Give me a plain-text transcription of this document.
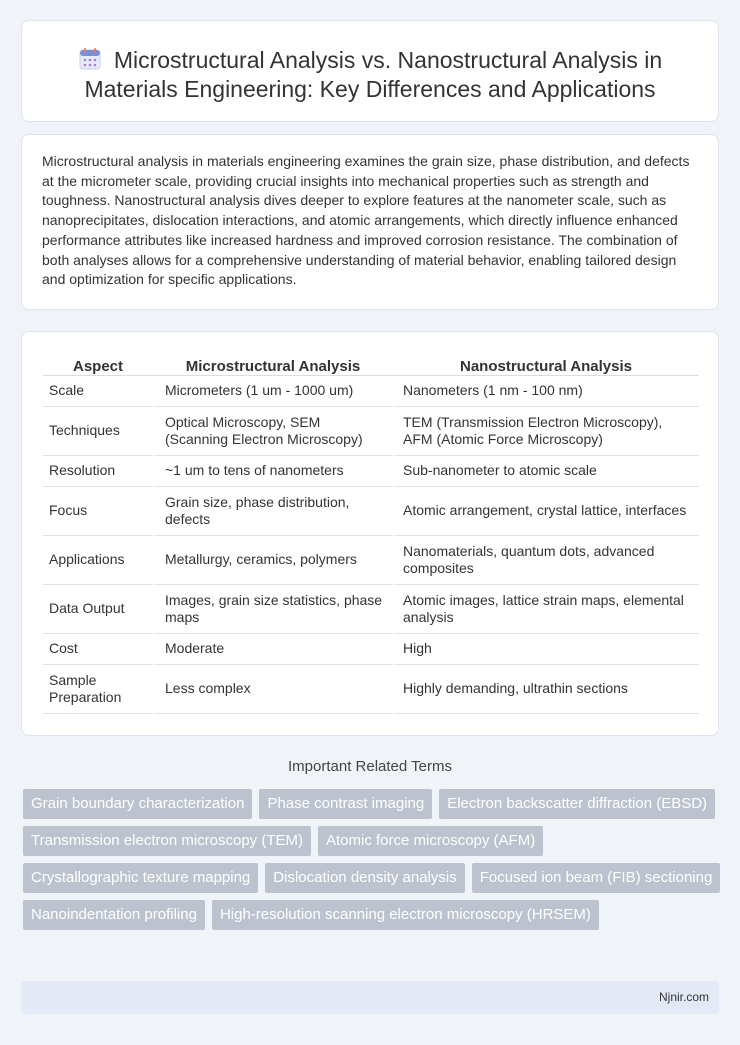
Microstructural Analysis vs. Nanostructural Analysis in Materials Engineering: Key Differences and Applications

Microstructural analysis in materials engineering examines the grain size, phase distribution, and defects at the micrometer scale, providing crucial insights into mechanical properties such as strength and toughness. Nanostructural analysis dives deeper to explore features at the nanometer scale, such as nanoprecipitates, dislocation interactions, and atomic arrangements, which directly influence enhanced performance attributes like increased hardness and improved corrosion resistance. The combination of both analyses allows for a comprehensive understanding of material behavior, enabling tailored design and optimization for specific applications.

Aspect	Microstructural Analysis	Nanostructural Analysis
Scale	Micrometers (1 um - 1000 um)	Nanometers (1 nm - 100 nm)
Techniques	Optical Microscopy, SEM (Scanning Electron Microscopy)	TEM (Transmission Electron Microscopy), AFM (Atomic Force Microscopy)
Resolution	~1 um to tens of nanometers	Sub-nanometer to atomic scale
Focus	Grain size, phase distribution, defects	Atomic arrangement, crystal lattice, interfaces
Applications	Metallurgy, ceramics, polymers	Nanomaterials, quantum dots, advanced composites
Data Output	Images, grain size statistics, phase maps	Atomic images, lattice strain maps, elemental analysis
Cost	Moderate	High
Sample Preparation	Less complex	Highly demanding, ultrathin sections
Important Related Terms
Grain boundary characterization	Phase contrast imaging	Electron backscatter diffraction (EBSD)
Transmission electron microscopy (TEM)	Atomic force microscopy (AFM)
Crystallographic texture mapping	Dislocation density analysis	Focused ion beam (FIB) sectioning
Nanoindentation profiling	High-resolution scanning electron microscopy (HRSEM)
Njnir.com
